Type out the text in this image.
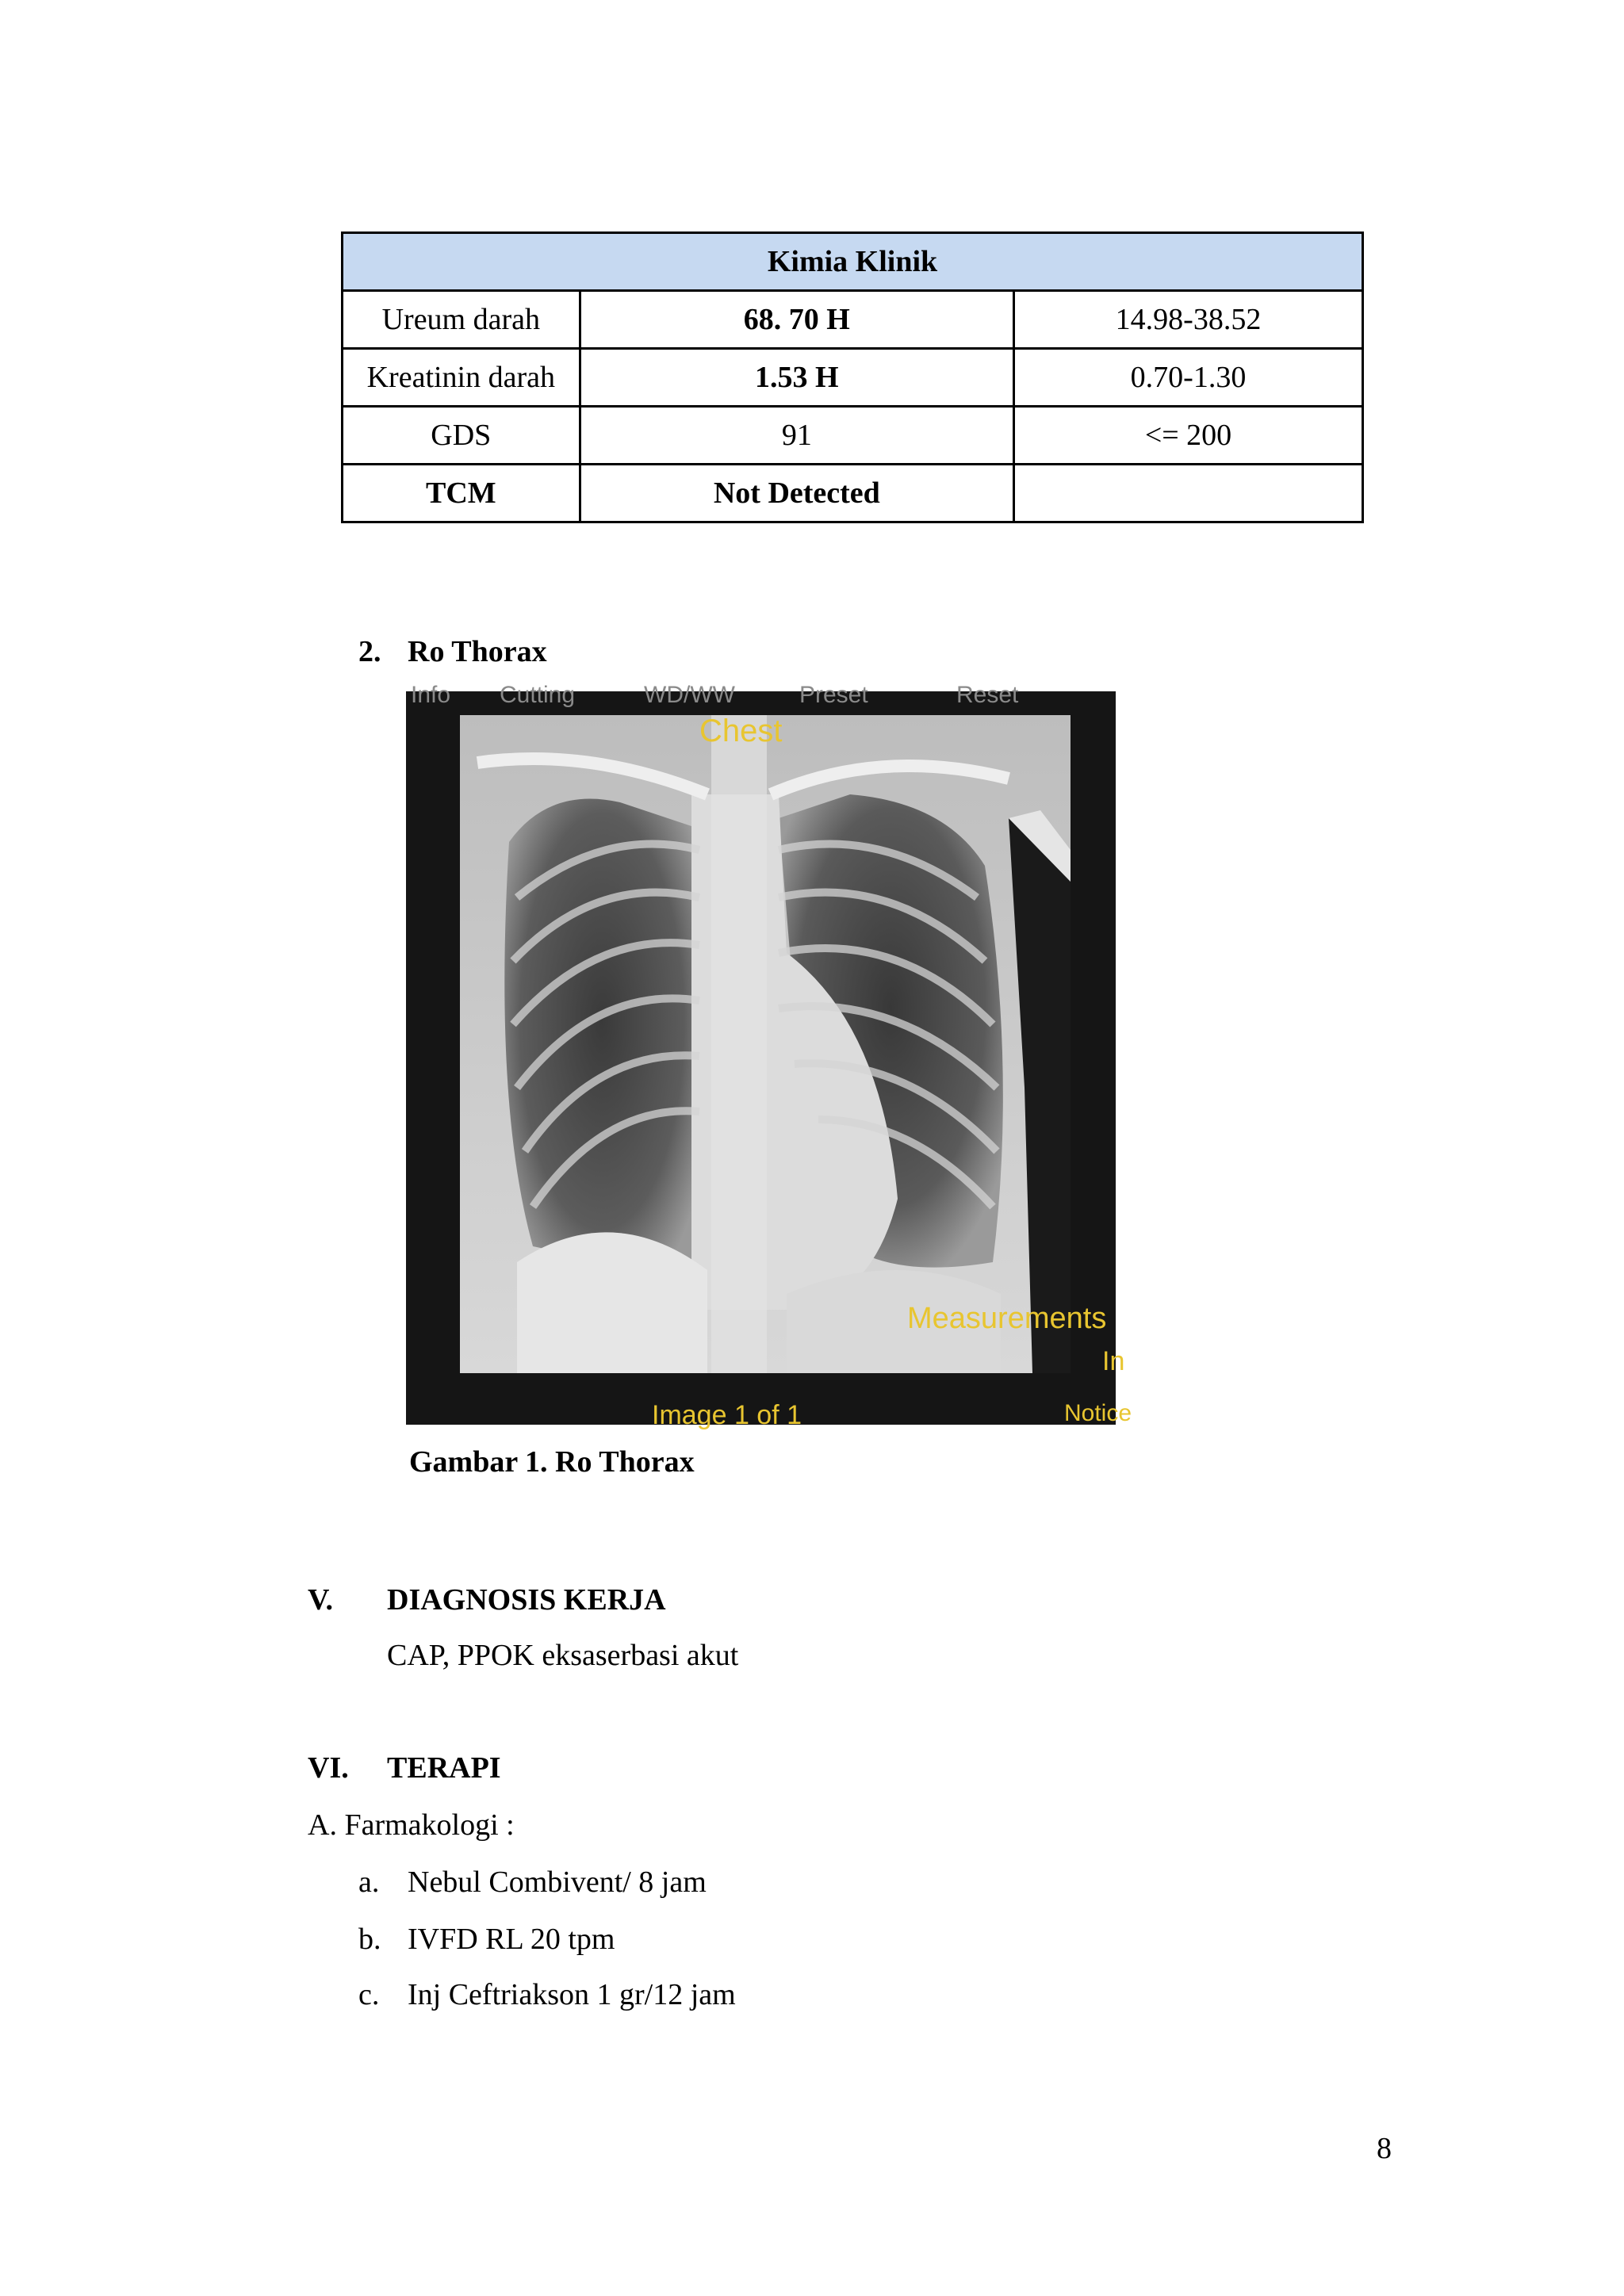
Kimia Klinik		
Ureum darah	68. 70 H	14.98-38.52
Kreatinin darah	1.53 H	0.70-1.30
GDS	91	<= 200
TCM	Not Detected	
2. Ro Thorax
Info Cutting	WD/WW	Preset	Reset
Chest
Measurements
In
Image 1 of 1	Notice
Gambar 1. Ro Thorax
V. DIAGNOSIS KERJA
CAP, PPOK eksaserbasi akut
VI. TERAPI
A. Farmakologi :
a. Nebul Combivent/ 8 jam
b. IVFD RL 20 tpm
c. Inj Ceftriakson 1 gr/12 jam
8
